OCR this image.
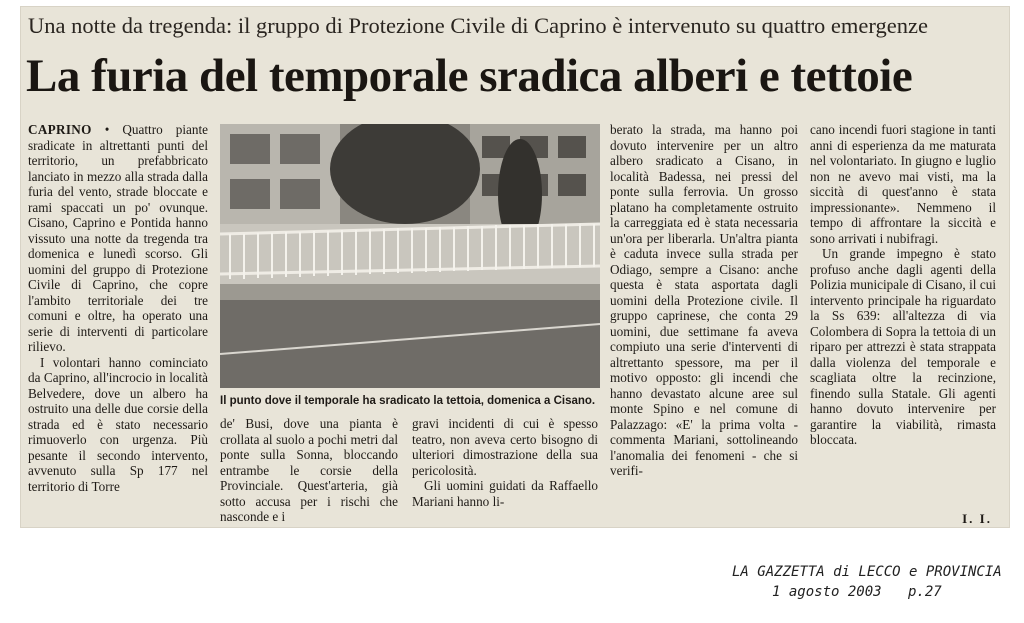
Una notte da tregenda: il gruppo di Protezione Civile di Caprino è intervenuto su quattro emergenze
La furia del temporale sradica alberi e tettoie

CAPRINO • Quattro piante sradicate in altrettanti punti del territorio, un prefabbricato lanciato in mezzo alla strada dalla furia del vento, strade bloccate e rami spaccati un po' ovunque. Cisano, Caprino e Pontida hanno vissuto una notte da tregenda tra domenica e lunedì scorso. Gli uomini del gruppo di Protezione Civile di Caprino, che copre l'ambito territoriale dei tre comuni e oltre, ha operato una serie di interventi di particolare rilievo.

I volontari hanno cominciato da Caprino, all'incrocio in località Belvedere, dove un albero ha ostruito una delle due corsie della strada ed è stato necessario rimuoverlo con urgenza. Più pesante il secondo intervento, avvenuto sulla Sp 177 nel territorio di Torre

Il punto dove il temporale ha sradicato la tettoia, domenica a Cisano.

de' Busi, dove una pianta è crollata al suolo a pochi metri dal ponte sulla Sonna, bloccando entrambe le corsie della Provinciale. Quest'arteria, già sotto accusa per i rischi che nasconde e i

gravi incidenti di cui è spesso teatro, non aveva certo bisogno di ulteriori dimostrazione della sua pericolosità.

Gli uomini guidati da Raffaello Mariani hanno li-

berato la strada, ma hanno poi dovuto intervenire per un altro albero sradicato a Cisano, in località Badessa, nei pressi del ponte sulla ferrovia. Un grosso platano ha completamente ostruito la carreggiata ed è stata necessaria un'ora per liberarla. Un'altra pianta è caduta invece sulla strada per Odiago, sempre a Cisano: anche questa è stata asportata dagli uomini della Protezione civile. Il gruppo caprinese, che conta 29 uomini, due settimane fa aveva compiuto una serie d'interventi di altrettanto spessore, ma per il motivo opposto: gli incendi che hanno devastato alcune aree sul monte Spino e nel comune di Palazzago: «E' la prima volta - commenta Mariani, sottolineando l'anomalia dei fenomeni - che si verifi-

cano incendi fuori stagione in tanti anni di esperienza da me maturata nel volontariato. In giugno e luglio non ne avevo mai visti, ma la siccità di quest'anno è stata impressionante». Nemmeno il tempo di affrontare la siccità e sono arrivati i nubifragi.

Un grande impegno è stato profuso anche dagli agenti della Polizia municipale di Cisano, il cui intervento principale ha riguardato la Ss 639: all'altezza di via Colombera di Sopra la tettoia di un riparo per attrezzi è stata strappata dalla violenza del temporale e scagliata oltre la recinzione, finendo sulla Statale. Gli agenti hanno dovuto intervenire per garantire la viabilità, rimasta bloccata.

I. I.
LA GAZZETTA di LECCO e PROVINCIA
1 agosto 2003 p.27
